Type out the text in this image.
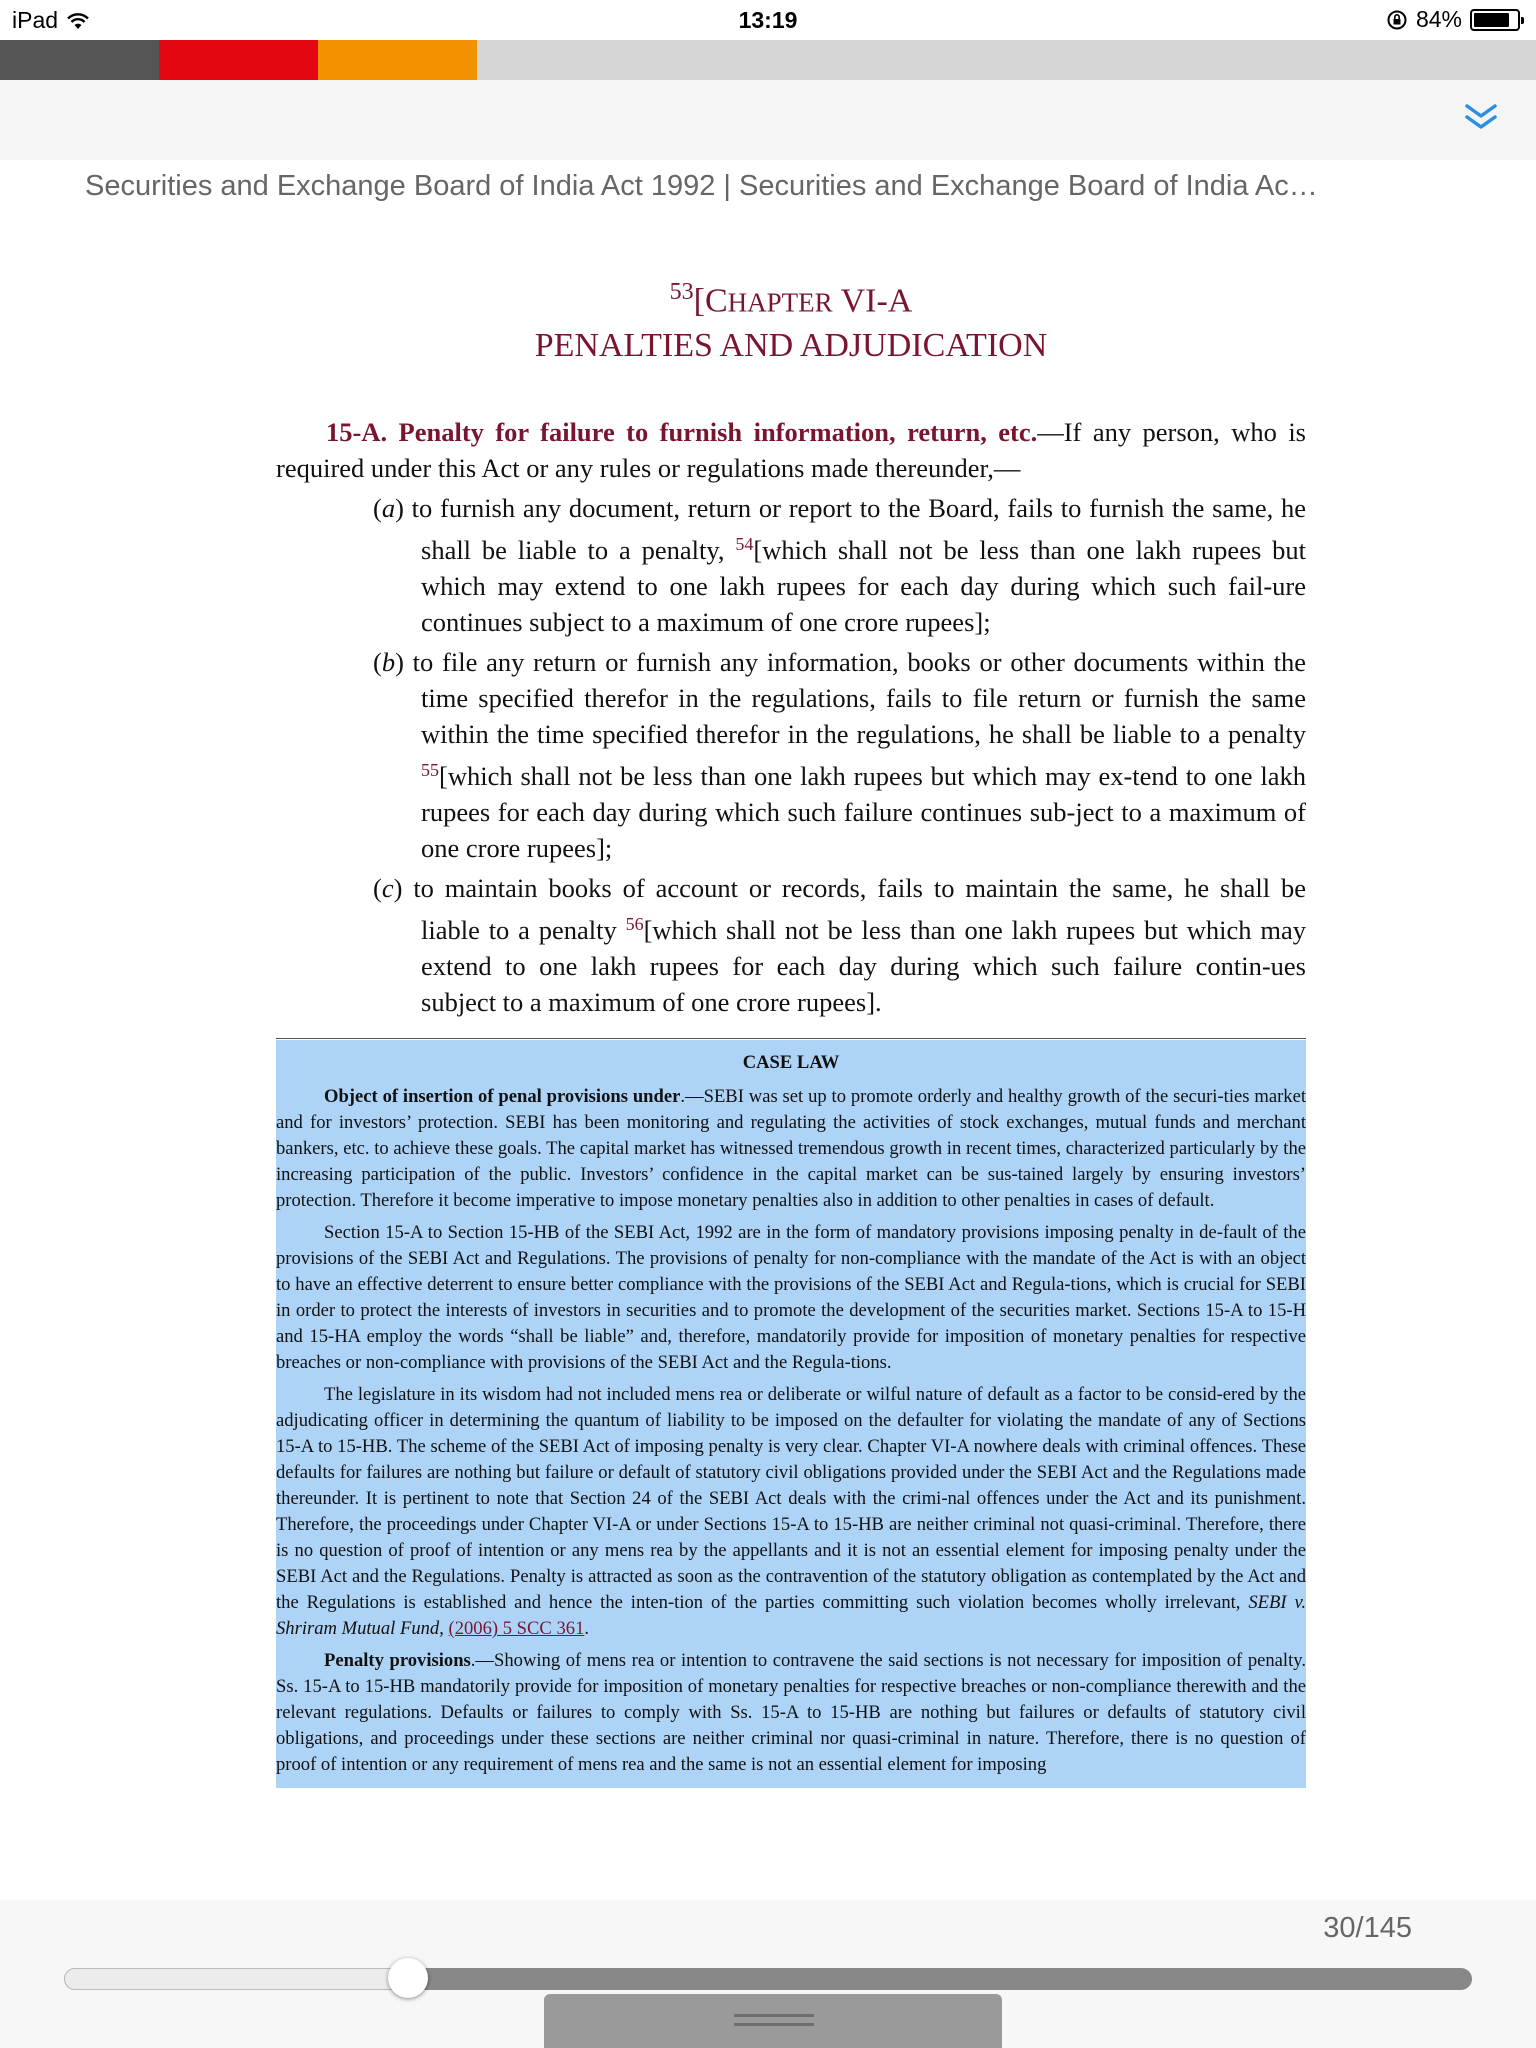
iPad	13:19	84%
Securities and Exchange Board of India Act 1992 | Securities and Exchange Board of India Ac…
$^{53}$[CHAPTER VI-A
PENALTIES AND ADJUDICATION
15-A. Penalty for failure to furnish information, return, etc.—If any person, who is required under this Act or any rules or regulations made thereunder,—
(a) to furnish any document, return or report to the Board, fails to furnish the same, he shall be liable to a penalty, $^{54}$[which shall not be less than one lakh rupees but which may extend to one lakh rupees for each day during which such fail-ure continues subject to a maximum of one crore rupees];
(b) to file any return or furnish any information, books or other documents within the time specified therefor in the regulations, fails to file return or furnish the same within the time specified therefor in the regulations, he shall be liable to a penalty $^{55}$[which shall not be less than one lakh rupees but which may ex-tend to one lakh rupees for each day during which such failure continues sub-ject to a maximum of one crore rupees];
(c) to maintain books of account or records, fails to maintain the same, he shall be liable to a penalty $^{56}$[which shall not be less than one lakh rupees but which may extend to one lakh rupees for each day during which such failure contin-ues subject to a maximum of one crore rupees].
CASE LAW

Object of insertion of penal provisions under.—SEBI was set up to promote orderly and healthy growth of the securi-ties market and for investors’ protection. SEBI has been monitoring and regulating the activities of stock exchanges, mutual funds and merchant bankers, etc. to achieve these goals. The capital market has witnessed tremendous growth in recent times, characterized particularly by the increasing participation of the public. Investors’ confidence in the capital market can be sus-tained largely by ensuring investors’ protection. Therefore it become imperative to impose monetary penalties also in addition to other penalties in cases of default.

Section 15-A to Section 15-HB of the SEBI Act, 1992 are in the form of mandatory provisions imposing penalty in de-fault of the provisions of the SEBI Act and Regulations. The provisions of penalty for non-compliance with the mandate of the Act is with an object to have an effective deterrent to ensure better compliance with the provisions of the SEBI Act and Regula-tions, which is crucial for SEBI in order to protect the interests of investors in securities and to promote the development of the securities market. Sections 15-A to 15-H and 15-HA employ the words “shall be liable” and, therefore, mandatorily provide for imposition of monetary penalties for respective breaches or non-compliance with provisions of the SEBI Act and the Regula-tions.

The legislature in its wisdom had not included mens rea or deliberate or wilful nature of default as a factor to be consid-ered by the adjudicating officer in determining the quantum of liability to be imposed on the defaulter for violating the mandate of any of Sections 15-A to 15-HB. The scheme of the SEBI Act of imposing penalty is very clear. Chapter VI-A nowhere deals with criminal offences. These defaults for failures are nothing but failure or default of statutory civil obligations provided under the SEBI Act and the Regulations made thereunder. It is pertinent to note that Section 24 of the SEBI Act deals with the crimi-nal offences under the Act and its punishment. Therefore, the proceedings under Chapter VI-A or under Sections 15-A to 15-HB are neither criminal not quasi-criminal. Therefore, there is no question of proof of intention or any mens rea by the appellants and it is not an essential element for imposing penalty under the SEBI Act and the Regulations. Penalty is attracted as soon as the contravention of the statutory obligation as contemplated by the Act and the Regulations is established and hence the inten-tion of the parties committing such violation becomes wholly irrelevant, SEBI v. Shriram Mutual Fund, (2006) 5 SCC 361.

Penalty provisions.—Showing of mens rea or intention to contravene the said sections is not necessary for imposition of penalty. Ss. 15-A to 15-HB mandatorily provide for imposition of monetary penalties for respective breaches or non-compliance therewith and the relevant regulations. Defaults or failures to comply with Ss. 15-A to 15-HB are nothing but failures or defaults of statutory civil obligations, and proceedings under these sections are neither criminal nor quasi-criminal in nature. Therefore, there is no question of proof of intention or any requirement of mens rea and the same is not an essential element for imposing

30/145
